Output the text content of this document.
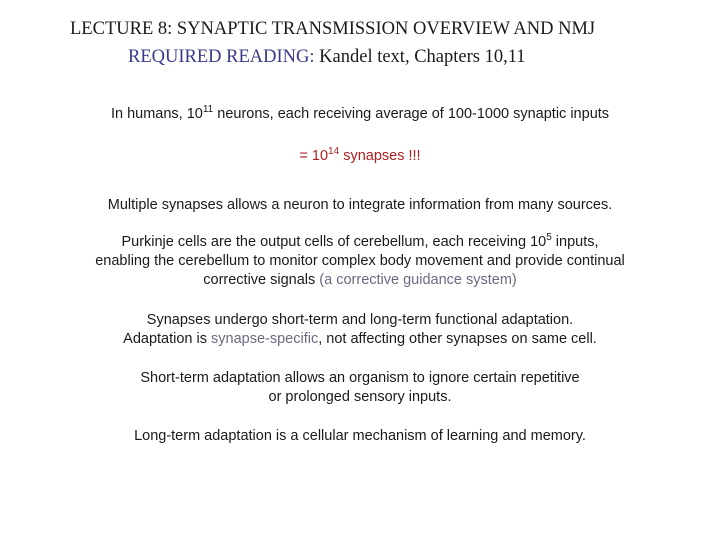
LECTURE 8: SYNAPTIC TRANSMISSION OVERVIEW AND NMJ
REQUIRED READING: Kandel text, Chapters 10,11
In humans, $10^{11}$ neurons, each receiving average of 100-1000 synaptic inputs
= $10^{14}$ synapses !!!
Multiple synapses allows a neuron to integrate information from many sources.
Purkinje cells are the output cells of cerebellum, each receiving $10^5$ inputs,
enabling the cerebellum to monitor complex body movement and provide continual
corrective signals (a corrective guidance system)
Synapses undergo short-term and long-term functional adaptation.
Adaptation is synapse-specific, not affecting other synapses on same cell.
Short-term adaptation allows an organism to ignore certain repetitive
or prolonged sensory inputs.
Long-term adaptation is a cellular mechanism of learning and memory.
